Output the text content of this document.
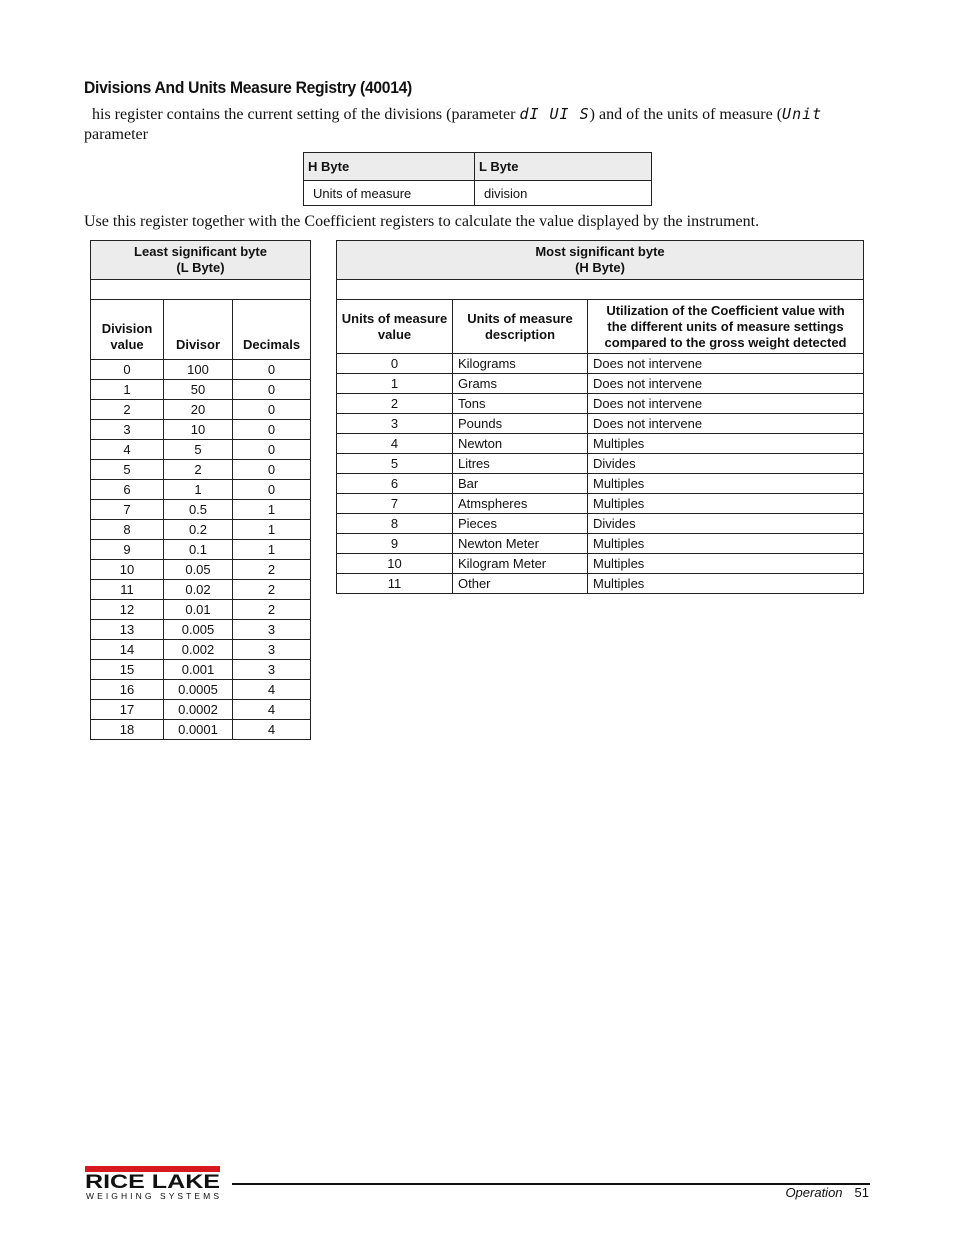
Divisions And Units Measure Registry (40014)
his register contains the current setting of the divisions (parameter dI UI S) and of the units of measure (Unit
parameter
H Byte	L Byte
Units of measure	division
Use this register together with the Coefficient registers to calculate the value displayed by the instrument.
Least significant byte
(L Byte)		

Division
value	Divisor	Decimals
0	100	0
1	50	0
2	20	0
3	10	0
4	5	0
5	2	0
6	1	0
7	0.5	1
8	0.2	1
9	0.1	1
10	0.05	2
11	0.02	2
12	0.01	2
13	0.005	3
14	0.002	3
15	0.001	3
16	0.0005	4
17	0.0002	4
18	0.0001	4
Most significant byte
(H Byte)		

Units of measure
value	Units of measure
description	Utilization of the Coefficient value with
the different units of measure settings
compared to the gross weight detected
0	Kilograms	Does not intervene
1	Grams	Does not intervene
2	Tons	Does not intervene
3	Pounds	Does not intervene
4	Newton	Multiples
5	Litres	Divides
6	Bar	Multiples
7	Atmspheres	Multiples
8	Pieces	Divides
9	Newton Meter	Multiples
10	Kilogram Meter	Multiples
11	Other	Multiples
RICE LAKE
WEIGHING SYSTEMS	Operation 51
